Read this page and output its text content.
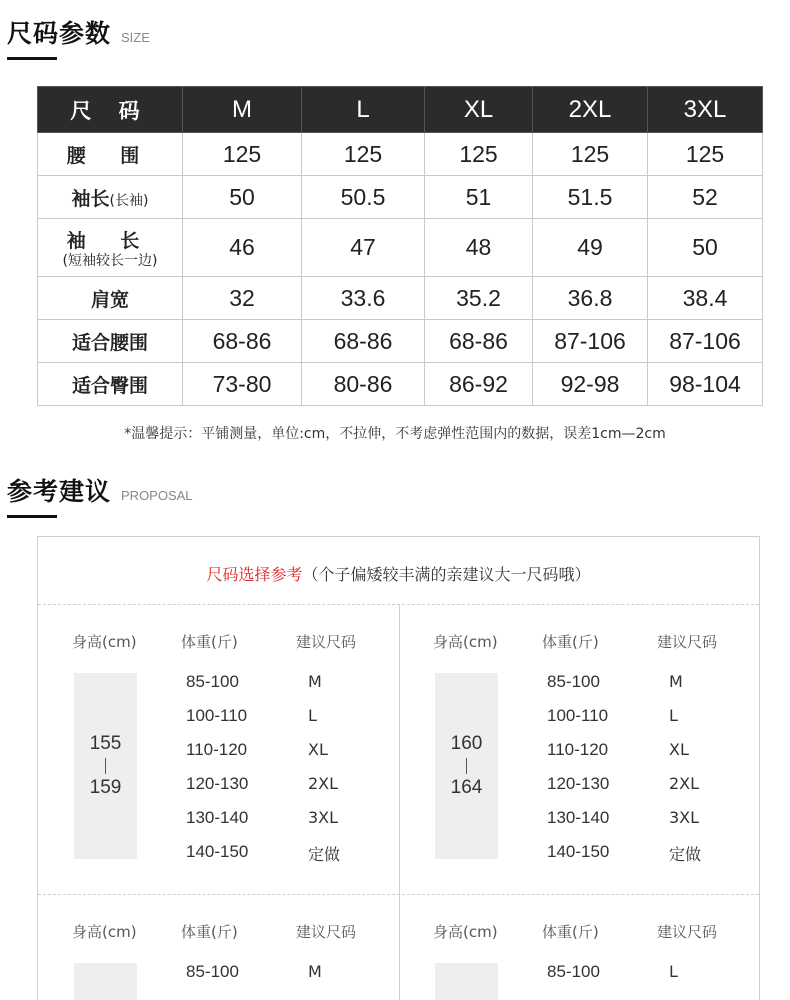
尺码参数 SIZE
尺 码	M	L	XL	2XL	3XL
腰 围	125	125	125	125	125
袖长(长袖)	50	50.5	51	51.5	52
袖 长
(短袖较长一边)	46	47	48	49	50
肩宽	32	33.6	35.2	36.8	38.4
适合腰围	68-86	68-86	68-86	87-106	87-106
适合臀围	73-80	80-86	86-92	92-98	98-104
*温馨提示：平铺测量，单位:cm，不拉伸，不考虑弹性范围内的数据，误差1cm—2cm
参考建议 PROPOSAL
尺码选择参考（个子偏矮较丰满的亲建议大一尺码哦）
身高(cm)	体重(斤)	建议尺码
155
159
85-100	M
100-110	L
110-120	XL
120-130	2XL
130-140	3XL
140-150	定做
身高(cm)	体重(斤)	建议尺码
160
164
85-100	M
100-110	L
110-120	XL
120-130	2XL
130-140	3XL
140-150	定做
身高(cm)	体重(斤)	建议尺码
85-100	M
身高(cm)	体重(斤)	建议尺码
85-100	L
